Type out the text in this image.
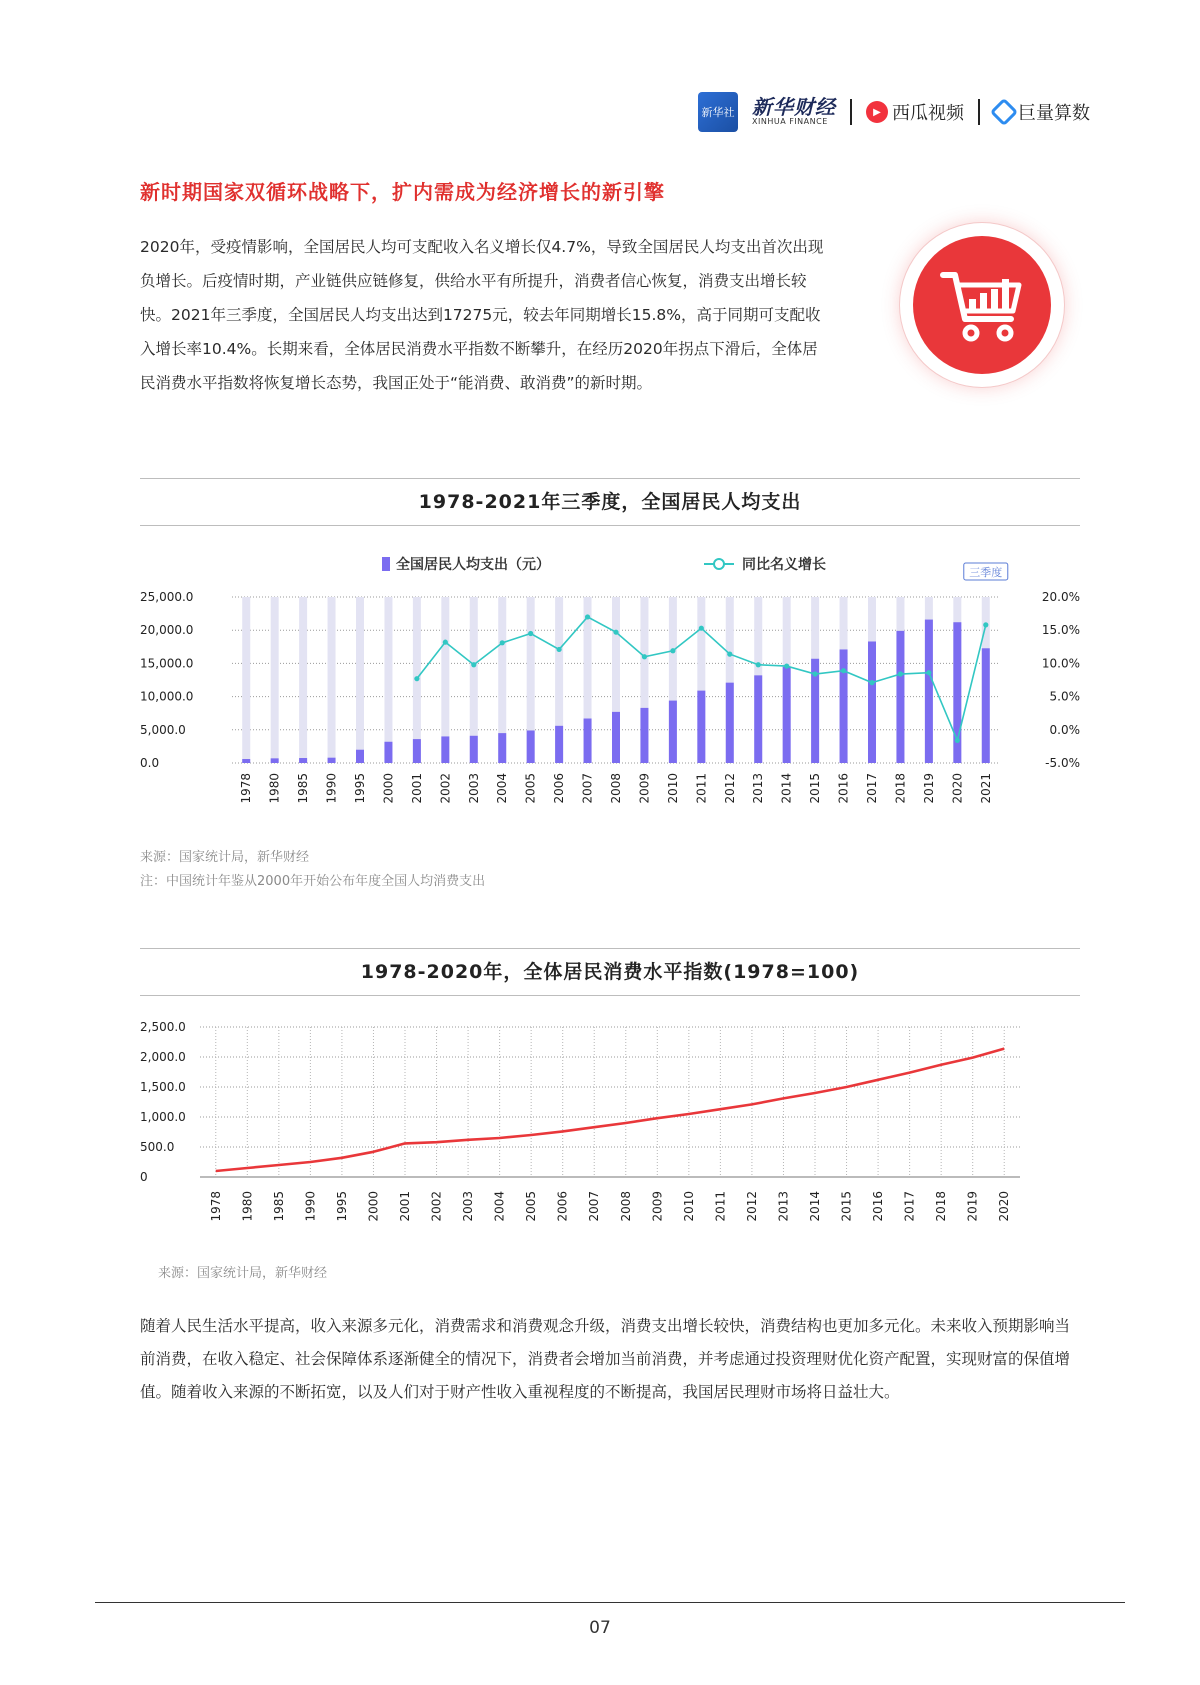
新华社 新华财经
XINHUA FINANCE
▶ 西瓜视频	巨量算数
新时期国家双循环战略下，扩内需成为经济增长的新引擎

2020年，受疫情影响，全国居民人均可支配收入名义增长仅4.7%，导致全国居民人均支出首次出现负增长。后疫情时期，产业链供应链修复，供给水平有所提升，消费者信心恢复，消费支出增长较快。2021年三季度，全国居民人均支出达到17275元，较去年同期增长15.8%，高于同期可支配收入增长率10.4%。长期来看，全体居民消费水平指数不断攀升，在经历2020年拐点下滑后，全体居民消费水平指数将恢复增长态势，我国正处于“能消费、敢消费”的新时期。

1978-2021年三季度，全国居民人均支出
全国居民人均支出（元）	同比名义增长
25,000.0
20,000.0
15,000.0
10,000.0
5,000.0
0.0
20.0%
15.0%
10.0%
5.0%
0.0%
-5.0%
1978 1980 1985 1990 1995 2000 2001 2002 2003 2004 2005 2006 2007 2008 2009 2010 2011 2012 2013 2014 2015 2016 2017 2018 2019 2020 2021
三季度

来源：国家统计局，新华财经

注：中国统计年鉴从2000年开始公布年度全国人均消费支出

1978-2020年，全体居民消费水平指数(1978=100)
2,500.0
2,000.0
1,500.0
1,000.0
500.0
0
1978 1980 1985 1990 1995 2000 2001 2002 2003 2004 2005 2006 2007 2008 2009 2010 2011 2012 2013 2014 2015 2016 2017 2018 2019 2020

来源：国家统计局，新华财经

随着人民生活水平提高，收入来源多元化，消费需求和消费观念升级，消费支出增长较快，消费结构也更加多元化。未来收入预期影响当前消费，在收入稳定、社会保障体系逐渐健全的情况下，消费者会增加当前消费，并考虑通过投资理财优化资产配置，实现财富的保值增值。随着收入来源的不断拓宽，以及人们对于财产性收入重视程度的不断提高，我国居民理财市场将日益壮大。

07
